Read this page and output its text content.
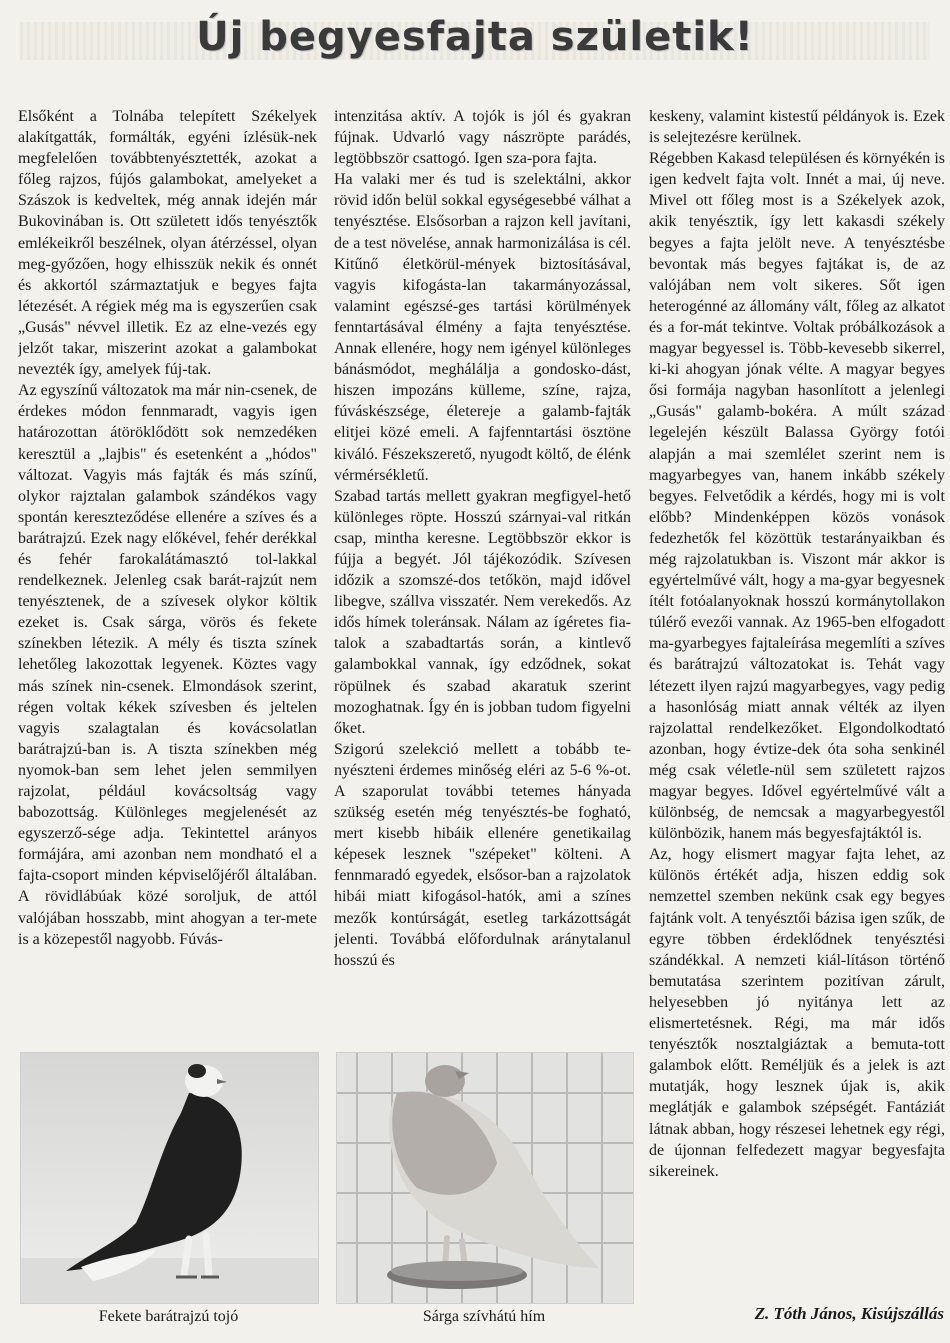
Új begyesfajta születik!

Elsőként a Tolnába telepített Székelyek alakítgatták, formálták, egyéni ízlésük-nek megfelelően továbbtenyésztették, azokat a főleg rajzos, fújós galambokat, amelyeket a Szászok is kedveltek, még annak idején már Bukovinában is. Ott született idős tenyésztők emlékeikről beszélnek, olyan átérzéssel, olyan meg-győzően, hogy elhisszük nekik és onnét és akkortól származtatjuk e begyes fajta létezését. A régiek még ma is egyszerűen csak „Gusás" névvel illetik. Ez az elne-vezés egy jelzőt takar, miszerint azokat a galambokat nevezték így, amelyek fúj-tak.

Az egyszínű változatok ma már nin-csenek, de érdekes módon fennmaradt, vagyis igen határozottan átöröklődött sok nemzedéken keresztül a „lajbis" és esetenként a „hódos" változat. Vagyis más fajták és más színű, olykor rajztalan galambok szándékos vagy spontán kereszteződése ellenére a szíves és a barátrajzú. Ezek nagy előkével, fehér derékkal és fehér farokalátámasztó tol-lakkal rendelkeznek. Jelenleg csak barát-rajzút nem tenyésztenek, de a szívesek olykor költik ezeket is. Csak sárga, vörös és fekete színekben létezik. A mély és tiszta színek lehetőleg lakozottak legyenek. Köztes vagy más színek nin-csenek. Elmondások szerint, régen voltak kékek szívesben és jeltelen vagyis szalagtalan és kovácsolatlan barátrajzú-ban is. A tiszta színekben még nyomok-ban sem lehet jelen semmilyen rajzolat, például kovácsoltság vagy babozottság. Különleges megjelenését az egyszerző-sége adja. Tekintettel arányos formájára, ami azonban nem mondható el a fajta-csoport minden képviselőjéről általában. A rövidlábúak közé soroljuk, de attól valójában hosszabb, mint ahogyan a ter-mete is a közepestől nagyobb. Fúvás-

intenzitása aktív. A tojók is jól és gyakran fújnak. Udvarló vagy nászröpte parádés, legtöbbször csattogó. Igen sza-pora fajta.

Ha valaki mer és tud is szelektálni, akkor rövid időn belül sokkal egységesebbé válhat a tenyésztése. Elsősorban a rajzon kell javítani, de a test növelése, annak harmonizálása is cél. Kitűnő életkörül-mények biztosításával, vagyis kifogásta-lan takarmányozással, valamint egészsé-ges tartási körülmények fenntartásával élmény a fajta tenyésztése. Annak ellenére, hogy nem igényel különleges bánásmódot, meghálálja a gondosko-dást, hiszen impozáns külleme, színe, rajza, fúváskészsége, életereje a galamb-fajták elitjei közé emeli. A fajfenntartási ösztöne kiváló. Fészekszerető, nyugodt költő, de élénk vérmérsékletű.

Szabad tartás mellett gyakran megfigyel-hető különleges röpte. Hosszú szárnyai-val ritkán csap, mintha keresne. Legtöbbször ekkor is fújja a begyét. Jól tájékozódik. Szívesen időzik a szomszé-dos tetőkön, majd idővel libegve, szállva visszatér. Nem verekedős. Az idős hímek toleránsak. Nálam az ígéretes fia-talok a szabadtartás során, a kintlevő galambokkal vannak, így edződnek, sokat röpülnek és szabad akaratuk szerint mozoghatnak. Így én is jobban tudom figyelni őket.

Szigorú szelekció mellett a tobább te-nyészteni érdemes minőség eléri az 5-6 %-ot. A szaporulat további tetemes hányada szükség esetén még tenyésztés-be fogható, mert kisebb hibáik ellenére genetikailag képesek lesznek "szépeket" költeni. A fennmaradó egyedek, elsősor-ban a rajzolatok hibái miatt kifogásol-hatók, ami a színes mezők kontúrságát, esetleg tarkázottságát jelenti. Továbbá előfordulnak aránytalanul hosszú és

keskeny, valamint kistestű példányok is. Ezek is selejtezésre kerülnek.

Régebben Kakasd településen és környékén is igen kedvelt fajta volt. Innét a mai, új neve. Mivel ott főleg most is a Székelyek azok, akik tenyésztik, így lett kakasdi székely begyes a fajta jelölt neve. A tenyésztésbe bevontak más begyes fajtákat is, de az valójában nem volt sikeres. Sőt igen heterogénné az állomány vált, főleg az alkatot és a for-mát tekintve. Voltak próbálkozások a magyar begyessel is. Több-kevesebb sikerrel, ki-ki ahogyan jónak vélte. A magyar begyes ősi formája nagyban hasonlított a jelenlegi „Gusás" galamb-bokéra. A múlt század legelején készült Balassa György fotói alapján a mai szemlélet szerint nem is magyarbegyes van, hanem inkább székely begyes. Felvetődik a kérdés, hogy mi is volt előbb? Mindenképpen közös vonások fedezhetők fel közöttük testarányaikban és még rajzolatukban is. Viszont már akkor is egyértelművé vált, hogy a ma-gyar begyesnek ítélt fotóalanyoknak hosszú kormánytollakon túlérő evezői vannak. Az 1965-ben elfogadott ma-gyarbegyes fajtaleírása megemlíti a szíves és barátrajzú változatokat is. Tehát vagy létezett ilyen rajzú magyarbegyes, vagy pedig a hasonlóság miatt annak vélték az ilyen rajzolattal rendelkezőket. Elgondolkodtató azonban, hogy évtize-dek óta soha senkinél még csak véletle-nül sem született rajzos magyar begyes. Idővel egyértelművé vált a különbség, de nemcsak a magyarbegyestől különbözik, hanem más begyesfajtáktól is.

Az, hogy elismert magyar fajta lehet, az különös értékét adja, hiszen eddig sok nemzettel szemben nekünk csak egy begyes fajtánk volt. A tenyésztői bázisa igen szűk, de egyre többen érdeklődnek tenyésztési szándékkal. A nemzeti kiál-lításon történő bemutatása szerintem pozitívan zárult, helyesebben jó nyitánya lett az elismertetésnek. Régi, ma már idős tenyésztők nosztalgiáztak a bemuta-tott galambok előtt. Reméljük és a jelek is azt mutatják, hogy lesznek újak is, akik meglátják e galambok szépségét. Fantáziát látnak abban, hogy részesei lehetnek egy régi, de újonnan felfedezett magyar begyesfajta sikereinek.

Fekete barátrajzú tojó	Sárga szívhátú hím	Z. Tóth János, Kisújszállás
